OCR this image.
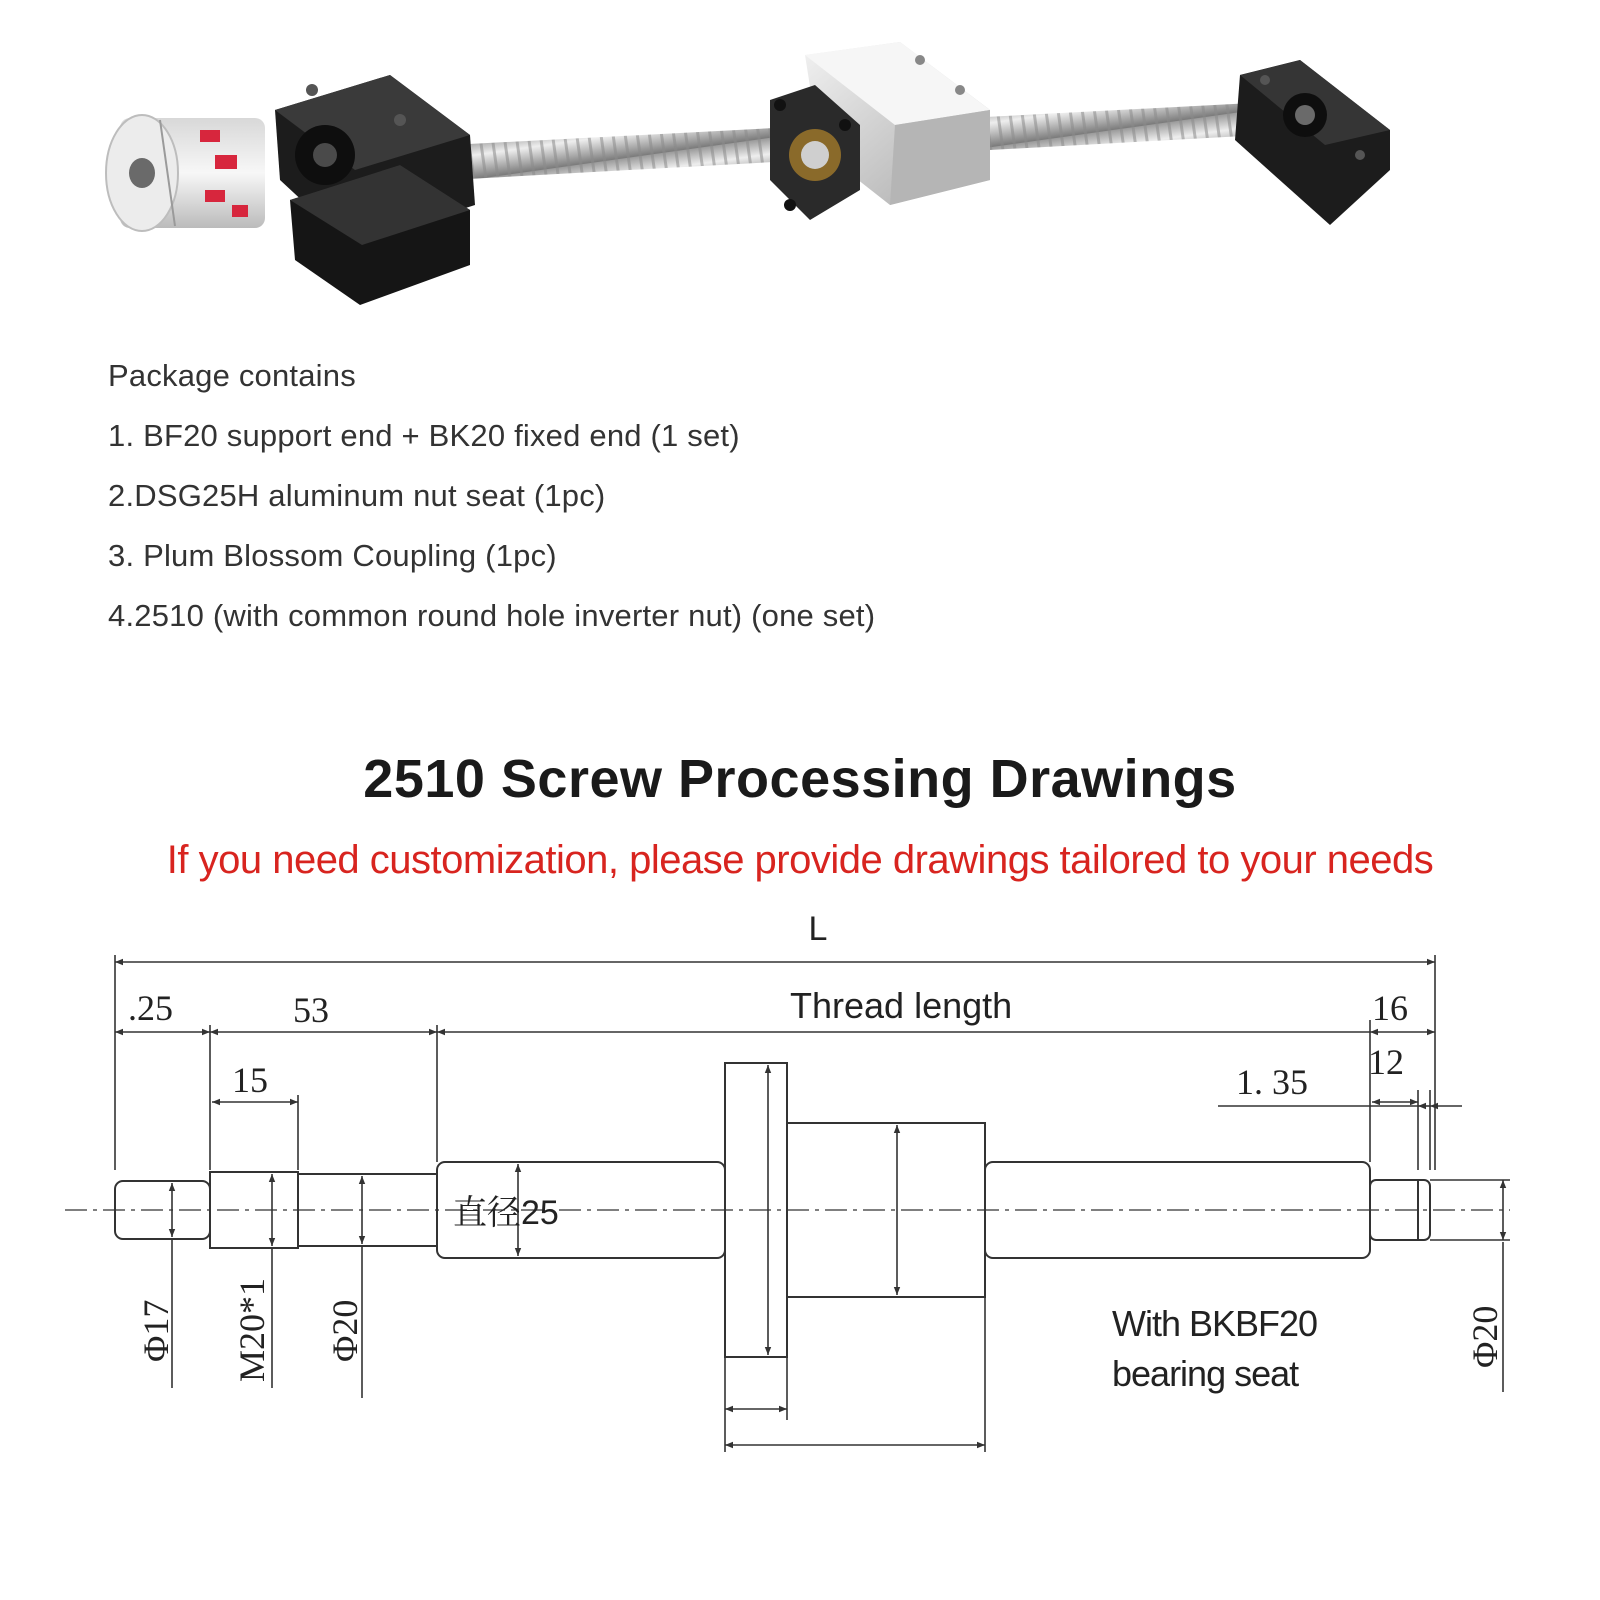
Package contains
1. BF20 support end + BK20 fixed end (1 set)
2.DSG25H aluminum nut seat (1pc)
3. Plum Blossom Coupling (1pc)
4.2510 (with common round hole inverter nut) (one set)
2510 Screw Processing Drawings
If you need customization, please provide drawings tailored to your needs
L
.25	53	Thread length	16
15	12
1. 35
直径25
Φ17 M20*1 Φ20	Φ20
With BKBF20
bearing seat
